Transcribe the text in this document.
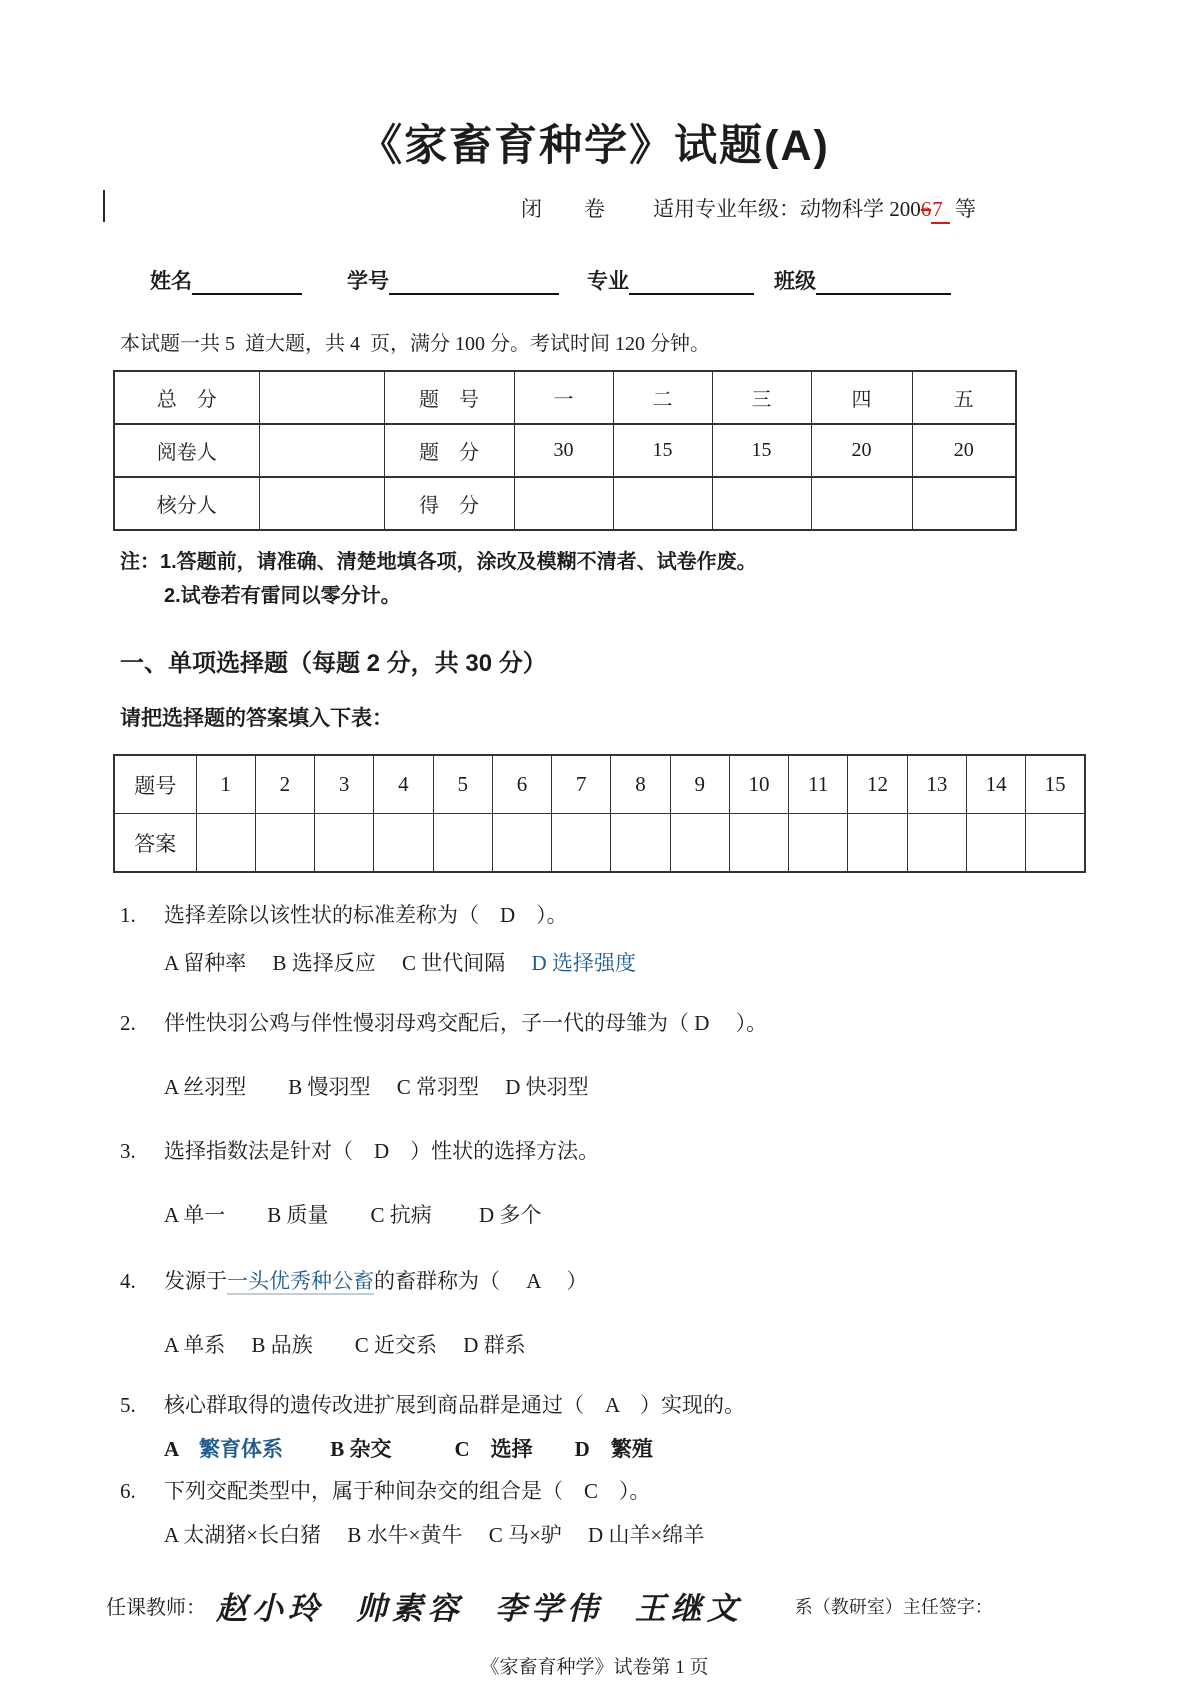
《家畜育种学》试题(A)
闭　　卷 适用专业年级：动物科学 20067 等
姓名	学号	专业	班级
本试题一共 5  道大题，共 4  页，满分 100 分。考试时间 120 分钟。
总　分		题　号	一	二	三	四	五
阅卷人		题　分	30	15	15	20	20
核分人		得　分					
注：1.答题前，请准确、清楚地填各项，涂改及模糊不清者、试卷作废。
2.试卷若有雷同以零分计。
一、单项选择题（每题 2 分，共 30 分）
请把选择题的答案填入下表：
题号	1	2	3	4	5	6	7	8	9	10	11	12	13	14	15
答案															
1. 选择差除以该性状的标准差称为（　D　）。
A 留种率　 B 选择反应 　C 世代间隔　 D 选择强度
2. 伴性快羽公鸡与伴性慢羽母鸡交配后，子一代的母雏为（ D　 ）。
A 丝羽型　　B 慢羽型　 C 常羽型　 D 快羽型
3. 选择指数法是针对（　D　）性状的选择方法。
A 单一　　B 质量　　C 抗病　　 D 多个
4. 发源于一头优秀种公畜的畜群称为（　 A　 ）
A 单系　 B 品族　　C 近交系　 D 群系
5. 核心群取得的遗传改进扩展到商品群是通过（　A　）实现的。
A　繁育体系　　 B 杂交　　　C　选择　　D　繁殖
6. 下列交配类型中，属于种间杂交的组合是（　C　）。
A 太湖猪×长白猪　 B 水牛×黄牛　 C 马×驴　 D 山羊×绵羊
任课教师： 赵小玲  帅素容  李学伟  王继文	系（教研室）主任签字：
《家畜育种学》试卷第 1 页
